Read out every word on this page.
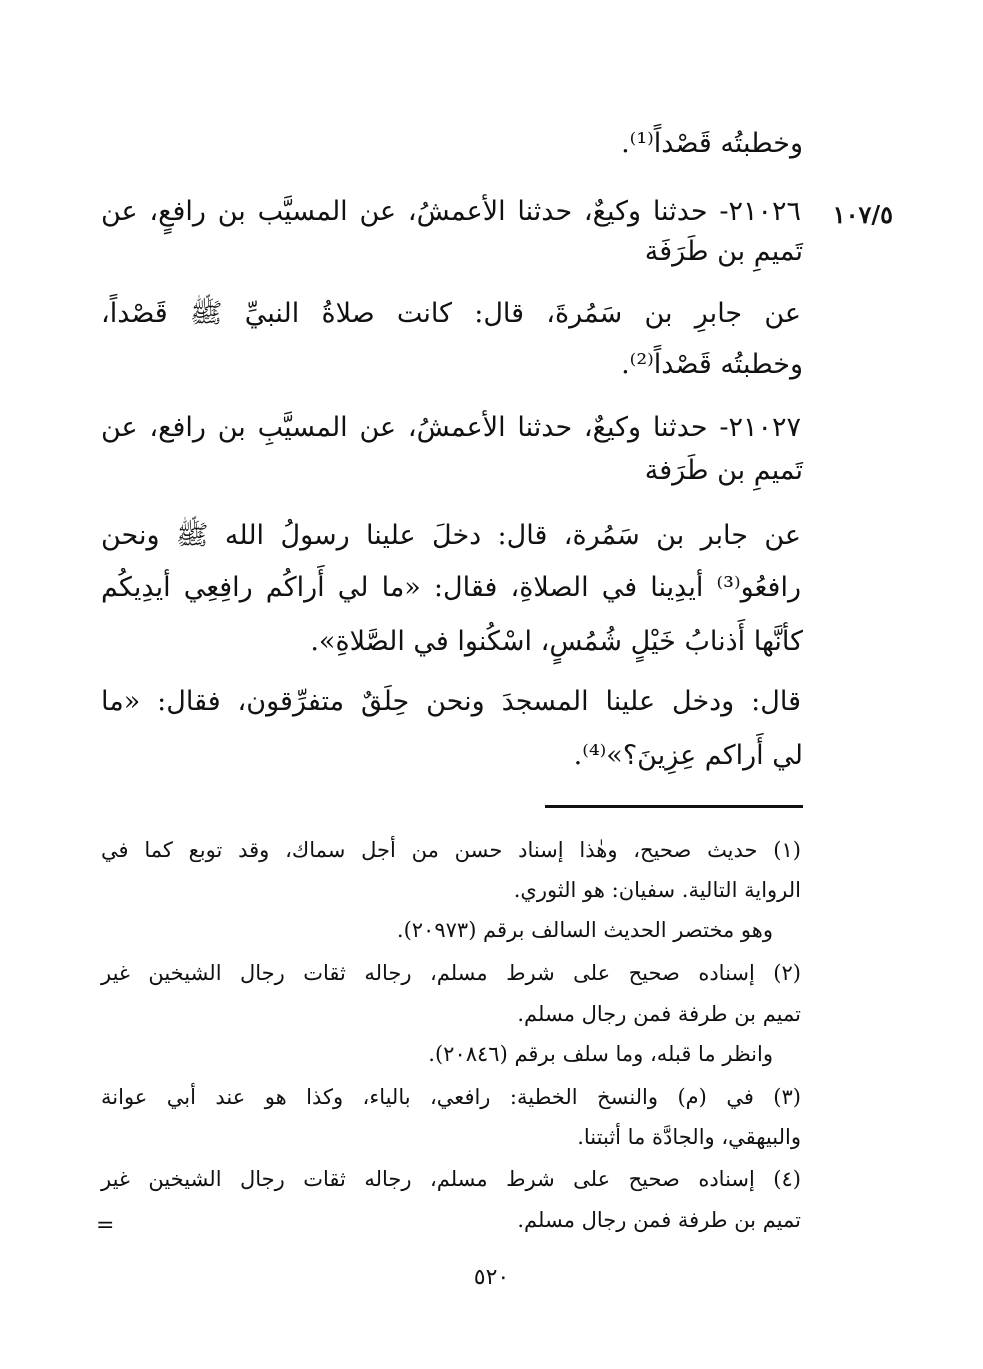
وخطبتُه قَصْداً⁽¹⁾.
١٠٧/٥
٢١٠٢٦- حدثنا وكيعٌ، حدثنا الأعمشُ، عن المسيَّب بن رافعٍ، عن
تَميمِ بن طَرَفَة
عن جابرِ بن سَمُرةَ، قال: كانت صلاةُ النبيِّ ﷺ قَصْداً،
وخطبتُه قَصْداً⁽²⁾.
٢١٠٢٧- حدثنا وكيعٌ، حدثنا الأعمشُ، عن المسيَّبِ بن رافع، عن
تَميمِ بن طَرَفة
عن جابر بن سَمُرة، قال: دخلَ علينا رسولُ الله ﷺ ونحن
رافعُو⁽³⁾ أيدِينا في الصلاةِ، فقال: «ما لي أَراكُم رافِعِي أيدِيكُم
كأنَّها أَذنابُ خَيْلٍ شُمُسٍ، اسْكُنوا في الصَّلاةِ».
قال: ودخل علينا المسجدَ ونحن حِلَقٌ متفرِّقون، فقال: «ما
لي أَراكم عِزِينَ؟»⁽⁴⁾.
(١) حديث صحيح، وهٰذا إسناد حسن من أجل سماك، وقد توبع كما في
الرواية التالية. سفيان: هو الثوري.
وهو مختصر الحديث السالف برقم (٢٠٩٧٣).
(٢) إسناده صحيح على شرط مسلم، رجاله ثقات رجال الشيخين غير
تميم بن طرفة فمن رجال مسلم.
وانظر ما قبله، وما سلف برقم (٢٠٨٤٦).
(٣) في (م) والنسخ الخطية: رافعي، بالياء، وكذا هو عند أبي عوانة
والبيهقي، والجادَّة ما أثبتنا.
(٤) إسناده صحيح على شرط مسلم، رجاله ثقات رجال الشيخين غير
تميم بن طرفة فمن رجال مسلم.
=
٥٢٠
